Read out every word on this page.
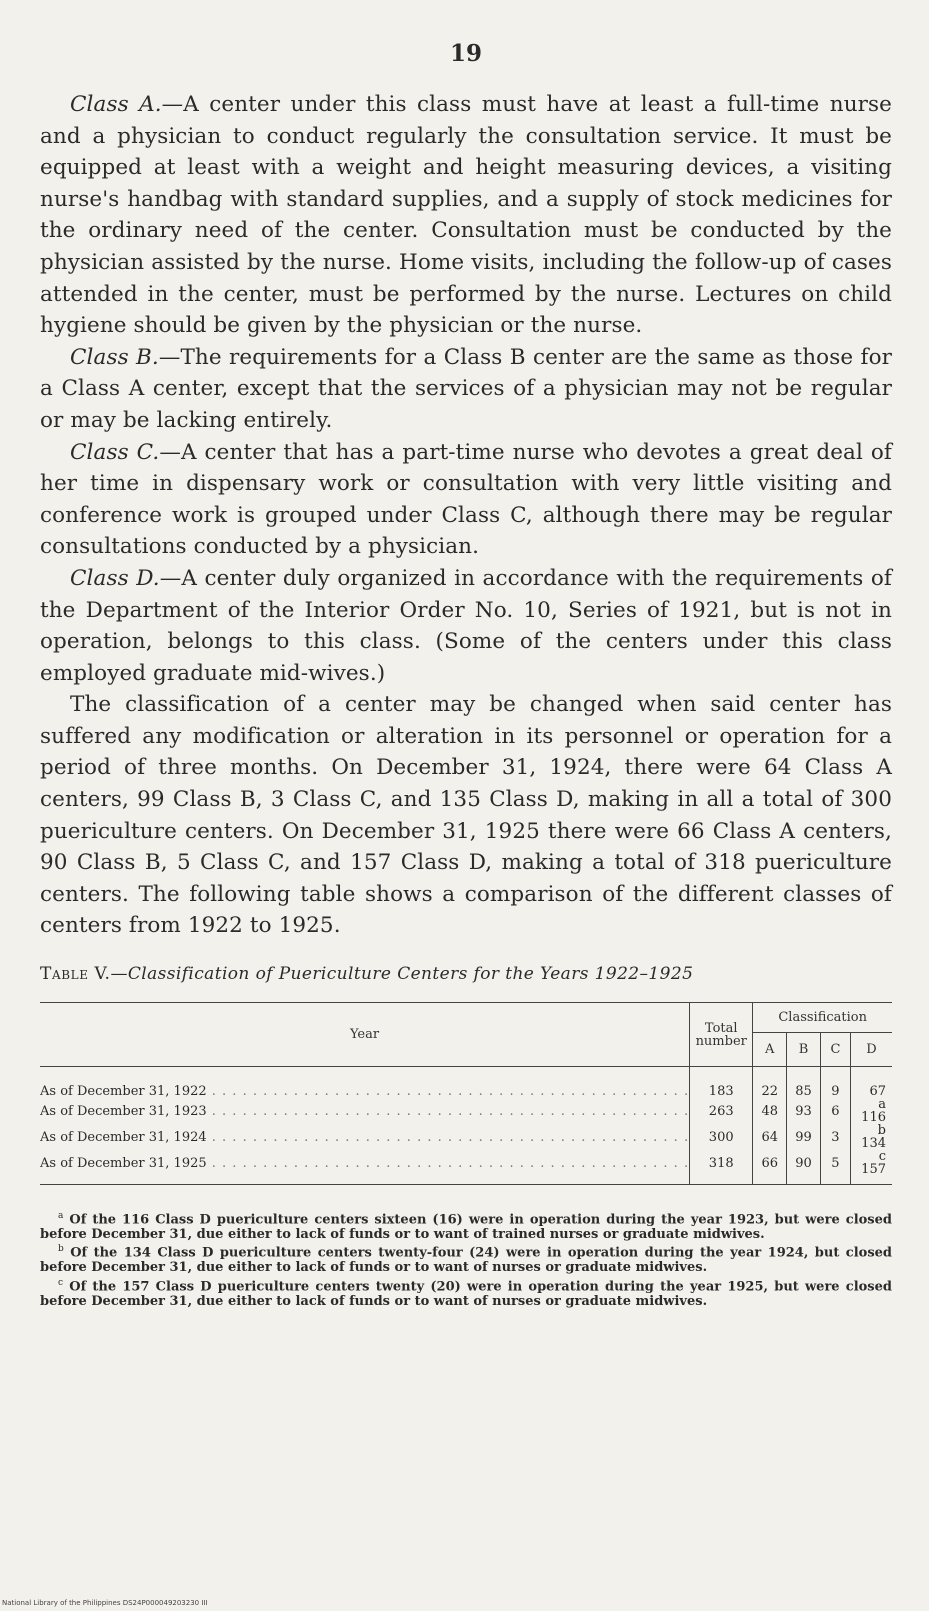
19

Class A.—A center under this class must have at least a full-time nurse and a physician to conduct regularly the consultation service. It must be equipped at least with a weight and height measuring devices, a visiting nurse's handbag with standard supplies, and a supply of stock medicines for the ordinary need of the center. Consultation must be conducted by the physician assisted by the nurse. Home visits, including the follow-up of cases attended in the center, must be performed by the nurse. Lectures on child hygiene should be given by the physician or the nurse.

Class B.—The requirements for a Class B center are the same as those for a Class A center, except that the services of a physician may not be regular or may be lacking entirely.

Class C.—A center that has a part-time nurse who devotes a great deal of her time in dispensary work or consultation with very little visiting and conference work is grouped under Class C, although there may be regular consultations conducted by a physician.

Class D.—A center duly organized in accordance with the requirements of the Department of the Interior Order No. 10, Series of 1921, but is not in operation, belongs to this class. (Some of the centers under this class employed graduate mid-wives.)

The classification of a center may be changed when said center has suffered any modification or alteration in its personnel or operation for a period of three months. On December 31, 1924, there were 64 Class A centers, 99 Class B, 3 Class C, and 135 Class D, making in all a total of 300 puericulture centers. On December 31, 1925 there were 66 Class A centers, 90 Class B, 5 Class C, and 157 Class D, making a total of 318 puericulture centers. The following table shows a comparison of the different classes of centers from 1922 to 1925.

Table V.—Classification of Puericulture Centers for the Years 1922–1925
Year	Total number	Classification			
		A	B	C	D
As of December 31, 1922 . . . . . . . . . . . . . . . . . . . . . . . . . . . . . . . . . . . . . . . . . . . . . . .	183	22	85	9	67
As of December 31, 1923 . . . . . . . . . . . . . . . . . . . . . . . . . . . . . . . . . . . . . . . . . . . . . . .	263	48	93	6	a 116
As of December 31, 1924 . . . . . . . . . . . . . . . . . . . . . . . . . . . . . . . . . . . . . . . . . . . . . . .	300	64	99	3	b 134
As of December 31, 1925 . . . . . . . . . . . . . . . . . . . . . . . . . . . . . . . . . . . . . . . . . . . . . . .	318	66	90	5	c 157

$^a$ Of the 116 Class D puericulture centers sixteen (16) were in operation during the year 1923, but were closed before December 31, due either to lack of funds or to want of trained nurses or graduate midwives.

$^b$ Of the 134 Class D puericulture centers twenty-four (24) were in operation during the year 1924, but closed before December 31, due either to lack of funds or to want of nurses or graduate midwives.

$^c$ Of the 157 Class D puericulture centers twenty (20) were in operation during the year 1925, but were closed before December 31, due either to lack of funds or to want of nurses or graduate midwives.

National Library of the Philippines DS24P000049203230 III
